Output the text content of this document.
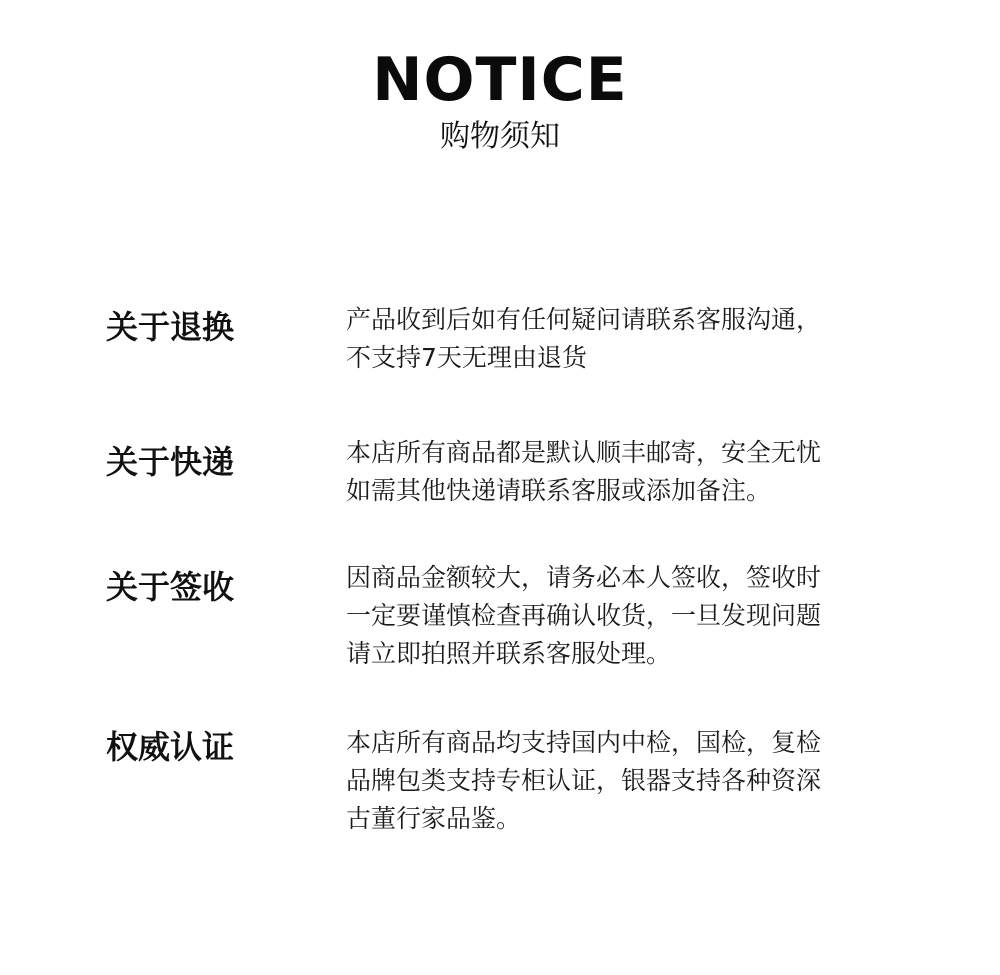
NOTICE
购物须知
关于退换	产品收到后如有任何疑问请联系客服沟通，
不支持7天无理由退货
关于快递	本店所有商品都是默认顺丰邮寄，安全无忧
如需其他快递请联系客服或添加备注。
关于签收	因商品金额较大，请务必本人签收，签收时
一定要谨慎检查再确认收货，一旦发现问题
请立即拍照并联系客服处理。
权威认证	本店所有商品均支持国内中检，国检，复检
品牌包类支持专柜认证，银器支持各种资深
古董行家品鉴。
